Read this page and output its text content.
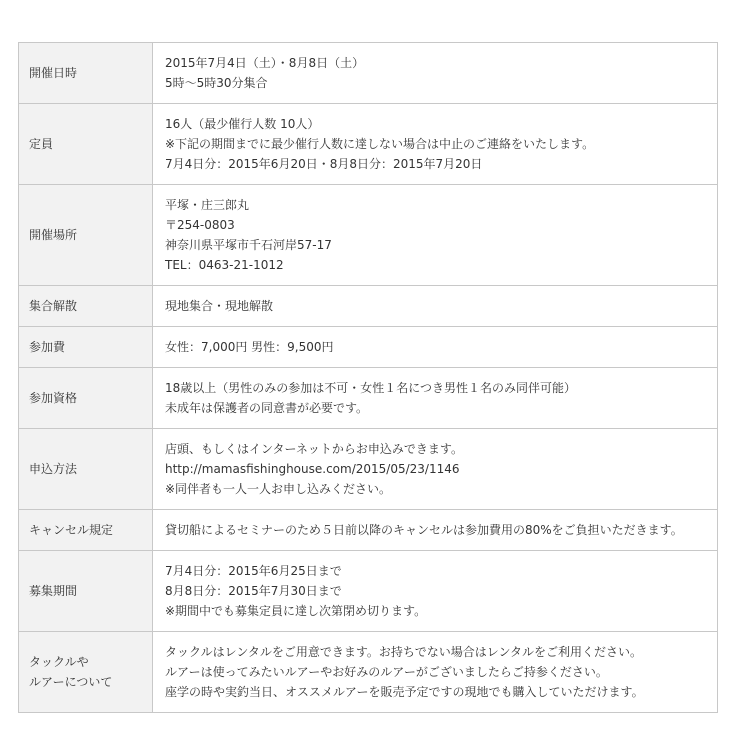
開催日時	2015年7月4日（土）・8月8日（土）
5時〜5時30分集合

定員	16人（最少催行人数 10人）
※下記の期間までに最少催行人数に達しない場合は中止のご連絡をいたします。
7月4日分：2015年6月20日・8月8日分：2015年7月20日

開催場所	平塚・庄三郎丸
〒254-0803
神奈川県平塚市千石河岸57-17
TEL：0463-21-1012

集合解散	現地集合・現地解散

参加費	女性：7,000円 男性：9,500円

参加資格	18歳以上（男性のみの参加は不可・女性１名につき男性１名のみ同伴可能）
未成年は保護者の同意書が必要です。

申込方法	店頭、もしくはインターネットからお申込みできます。
http://mamasfishinghouse.com/2015/05/23/1146
※同伴者も一人一人お申し込みください。

キャンセル規定	貸切船によるセミナーのため５日前以降のキャンセルは参加費用の80%をご負担いただきます。

募集期間	7月4日分：2015年6月25日まで
8月8日分：2015年7月30日まで
※期間中でも募集定員に達し次第閉め切ります。

タックルや
ルアーについて	タックルはレンタルをご用意できます。お持ちでない場合はレンタルをご利用ください。
ルアーは使ってみたいルアーやお好みのルアーがございましたらご持参ください。
座学の時や実釣当日、オススメルアーを販売予定ですの現地でも購入していただけます。
